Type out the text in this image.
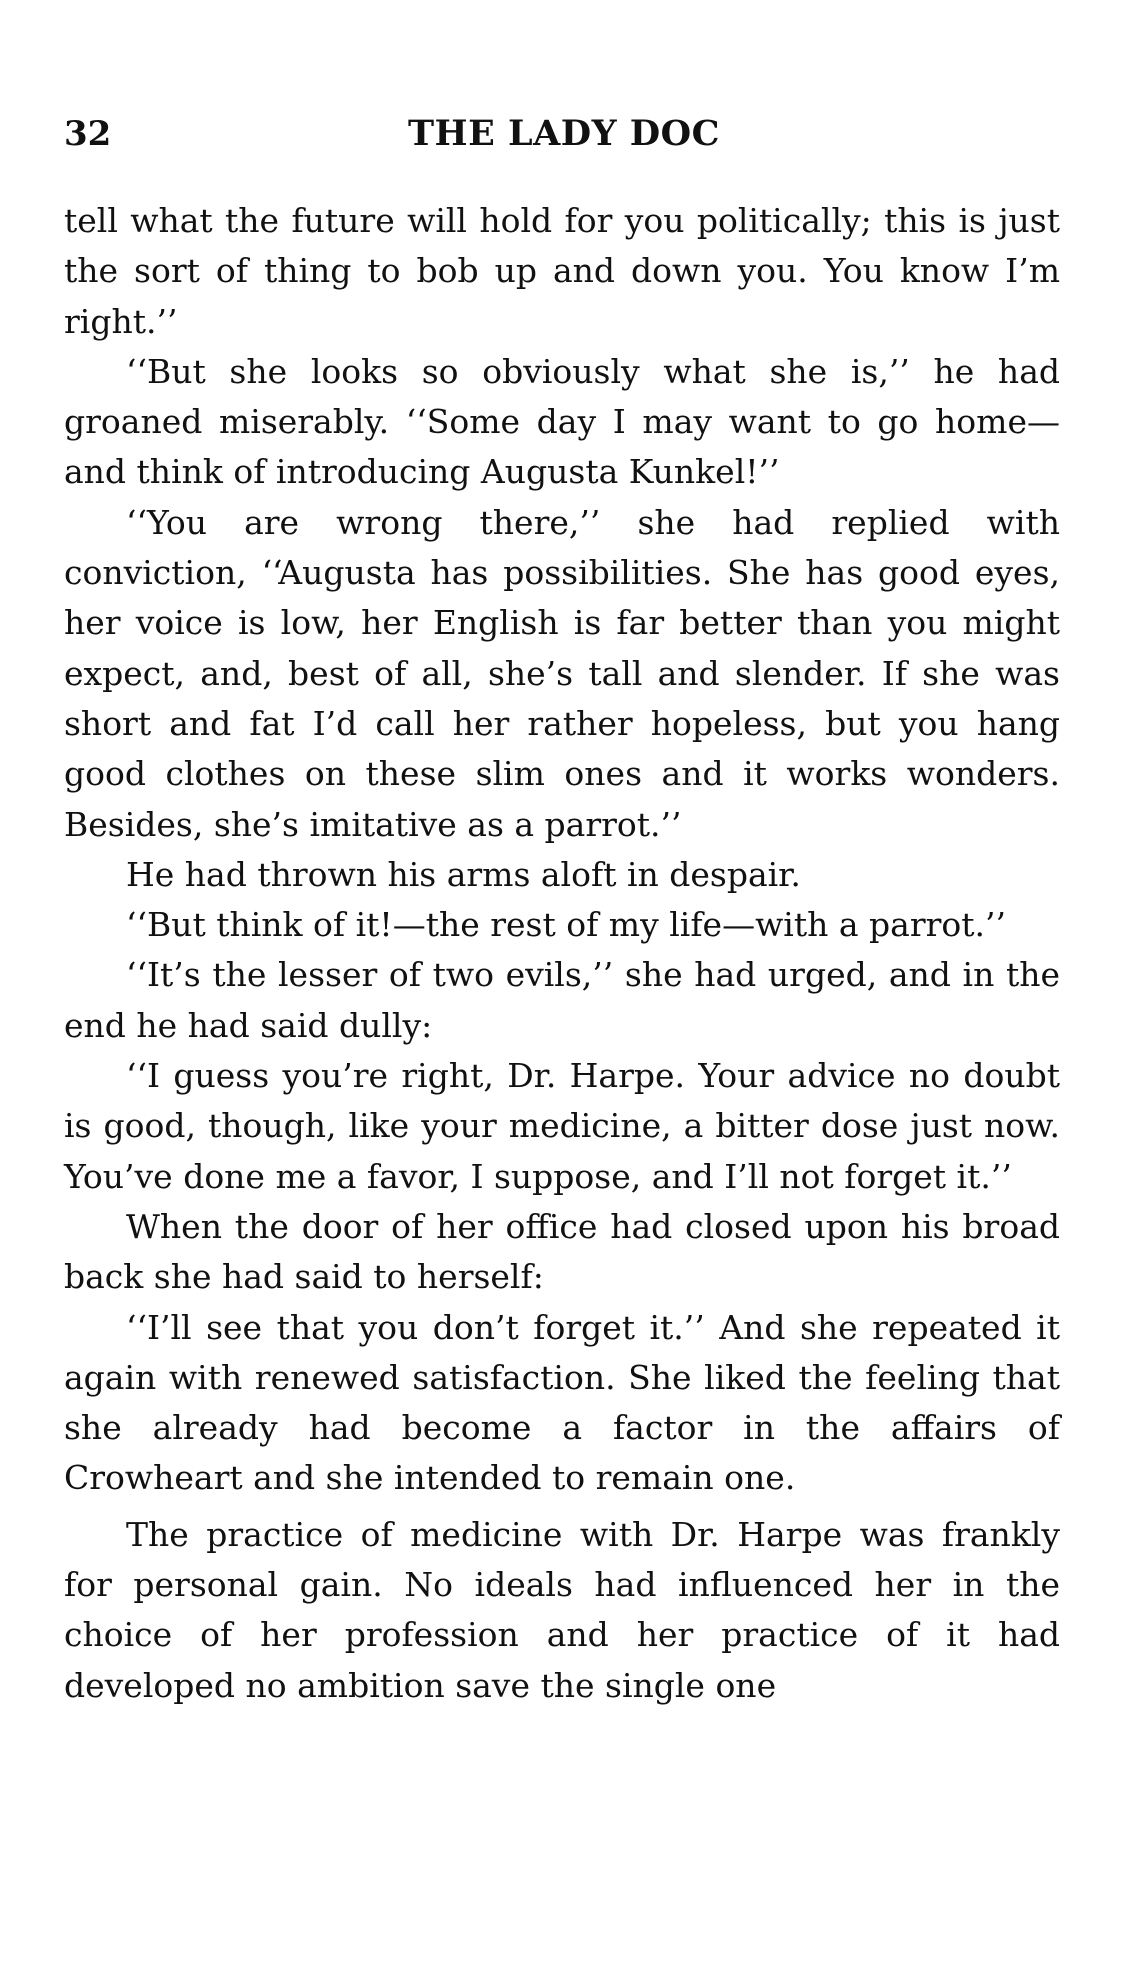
32	THE LADY DOC

tell what the future will hold for you politically; this is just the sort of thing to bob up and down you. You know I’m right.’’

‘‘But she looks so obviously what she is,’’ he had groaned miserably. ‘‘Some day I may want to go home—and think of introducing Augusta Kunkel!’’

‘‘You are wrong there,’’ she had replied with conviction, ‘‘Augusta has possibilities. She has good eyes, her voice is low, her English is far better than you might expect, and, best of all, she’s tall and slender. If she was short and fat I’d call her rather hopeless, but you hang good clothes on these slim ones and it works wonders. Besides, she’s imitative as a parrot.’’

He had thrown his arms aloft in despair.

‘‘But think of it!—the rest of my life—with a parrot.’’

‘‘It’s the lesser of two evils,’’ she had urged, and in the end he had said dully:

‘‘I guess you’re right, Dr. Harpe. Your advice no doubt is good, though, like your medicine, a bitter dose just now. You’ve done me a favor, I suppose, and I’ll not forget it.’’

When the door of her office had closed upon his broad back she had said to herself:

‘‘I’ll see that you don’t forget it.’’ And she repeated it again with renewed satisfaction. She liked the feeling that she already had become a factor in the affairs of Crowheart and she intended to remain one.

The practice of medicine with Dr. Harpe was frankly for personal gain. No ideals had influenced her in the choice of her profession and her practice of it had developed no ambition save the single one
